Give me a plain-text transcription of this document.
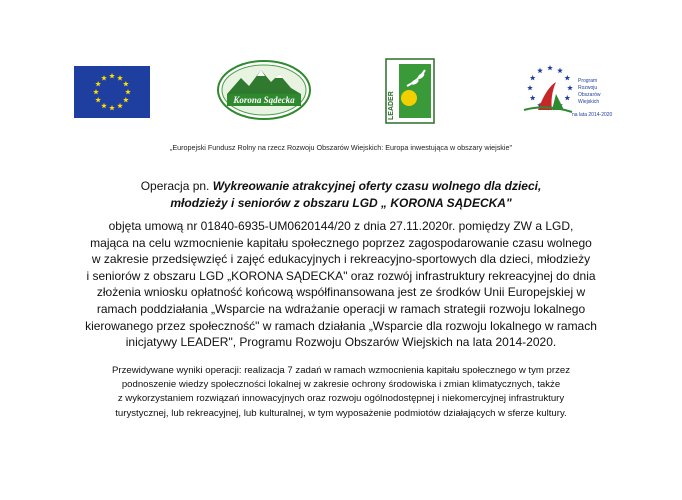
Korona Sądecka	LEADER
Program
Rozwoju
Obszarów
Wiejskich
na lata 2014-2020
„Europejski Fundusz Rolny na rzecz Rozwoju Obszarów Wiejskich: Europa inwestująca w obszary wiejskie"
Operacja pn. Wykreowanie atrakcyjnej oferty czasu wolnego dla dzieci,
młodzieży i seniorów z obszaru LGD „ KORONA SĄDECKA"
objęta umową nr 01840-6935-UM0620144/20 z dnia 27.11.2020r. pomiędzy ZW a LGD,
mająca na celu wzmocnienie kapitału społecznego poprzez zagospodarowanie czasu wolnego
w zakresie przedsięwzięć i zajęć edukacyjnych i rekreacyjno-sportowych dla dzieci, młodzieży
i seniorów z obszaru LGD „KORONA SĄDECKA" oraz rozwój infrastruktury rekreacyjnej do dnia
złożenia wniosku opłatność końcową współfinansowana jest ze środków Unii Europejskiej w
ramach poddziałania „Wsparcie na wdrażanie operacji w ramach strategii rozwoju lokalnego
kierowanego przez społeczność" w ramach działania „Wsparcie dla rozwoju lokalnego w ramach
inicjatywy LEADER", Programu Rozwoju Obszarów Wiejskich na lata 2014-2020.
Przewidywane wyniki operacji: realizacja 7 zadań w ramach wzmocnienia kapitału społecznego w tym przez
podnoszenie wiedzy społeczności lokalnej w zakresie ochrony środowiska i zmian klimatycznych, także
z wykorzystaniem rozwiązań innowacyjnych oraz rozwoju ogólnodostępnej i niekomercyjnej infrastruktury
turystycznej, lub rekreacyjnej, lub kulturalnej, w tym wyposażenie podmiotów działających w sferze kultury.
